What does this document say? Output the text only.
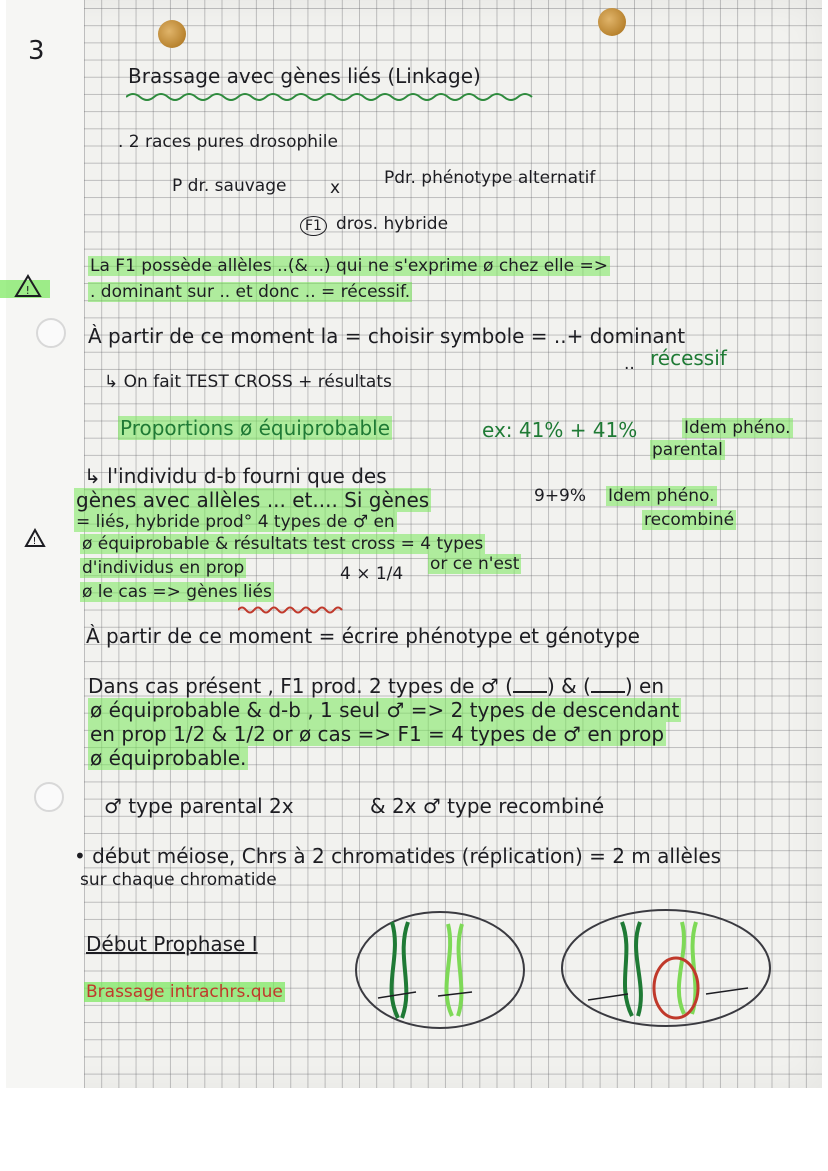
3
Brassage avec gènes liés (Linkage)
. 2 races pures drosophile
P dr. sauvage	x	Pdr. phénotype alternatif
F1 dros. hybride
!
La F1 possède allèles ..(& ..) qui ne s'exprime ø chez elle =>
. dominant sur .. et donc .. = récessif.
À partir de ce moment la = choisir symbole = ..+ dominant
récessif
..
↳ On fait TEST CROSS + résultats
Proportions ø équiprobable	ex: 41% + 41%	Idem phéno.
parental
↳ l'individu d-b fourni que des
gènes avec allèles ... et.... Si gènes	9+9% Idem phéno.
recombiné
!
= liés, hybride prod° 4 types de ♂ en
ø équiprobable & résultats test cross = 4 types
d'individus en prop	4 × 1/4 or ce n'est
ø le cas => gènes liés
À partir de ce moment = écrire phénotype et génotype
Dans cas présent , F1 prod. 2 types de ♂ ( ) & ( ) en
ø équiprobable & d-b , 1 seul ♂ => 2 types de descendant
en prop 1/2 & 1/2 or ø cas => F1 = 4 types de ♂ en prop
ø équiprobable.
♂ type parental 2x	& 2x ♂ type recombiné
• début méiose, Chrs à 2 chromatides (réplication) = 2 m allèles
sur chaque chromatide
Début Prophase I
Brassage intrachrs.que
